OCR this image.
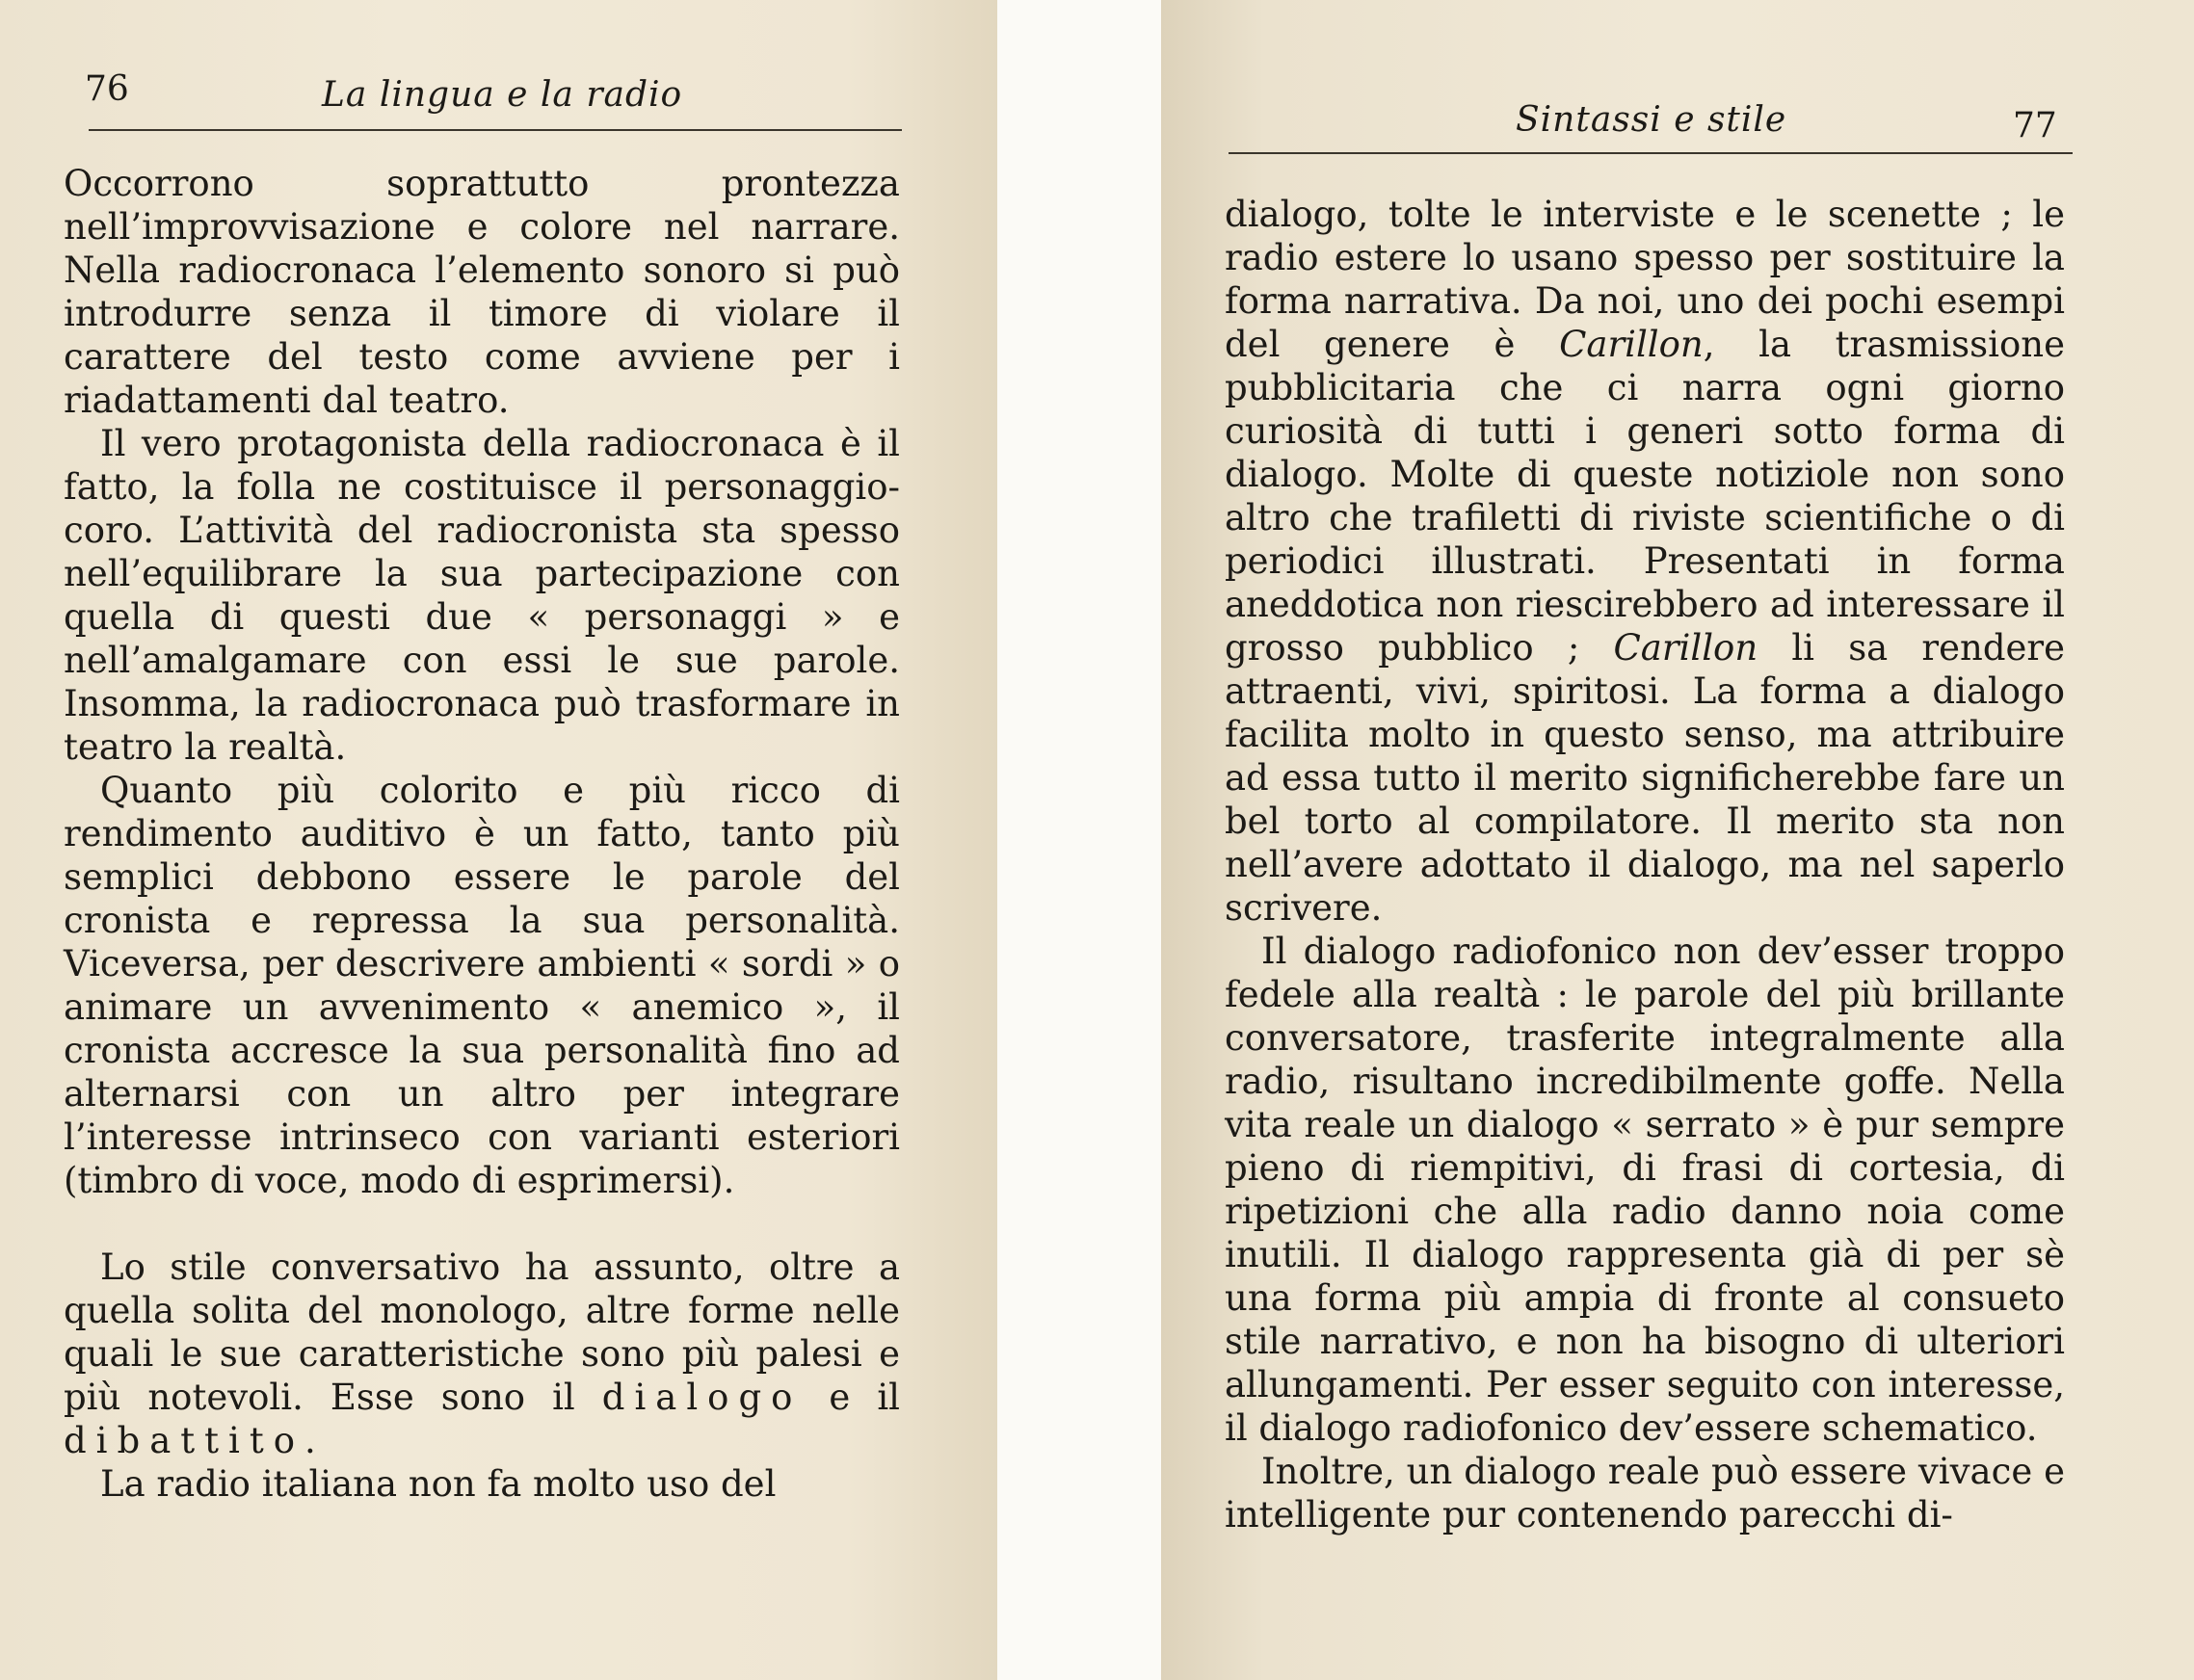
76	La lingua e la radio

Occorrono soprattutto prontezza nell’improvvisazione e colore nel narrare. Nella radiocronaca l’elemento sonoro si può introdurre senza il timore di violare il carattere del testo come avviene per i riadattamenti dal teatro.

Il vero protagonista della radiocronaca è il fatto, la folla ne costituisce il personaggio-coro. L’attività del radiocronista sta spesso nell’equilibrare la sua partecipazione con quella di questi due « personaggi » e nell’amalgamare con essi le sue parole. Insomma, la radiocronaca può trasformare in teatro la realtà.

Quanto più colorito e più ricco di rendimento auditivo è un fatto, tanto più semplici debbono essere le parole del cronista e repressa la sua personalità. Viceversa, per descrivere ambienti « sordi » o animare un avvenimento « anemico », il cronista accresce la sua personalità fino ad alternarsi con un altro per integrare l’interesse intrinseco con varianti esteriori (timbro di voce, modo di esprimersi).

Lo stile conversativo ha assunto, oltre a quella solita del monologo, altre forme nelle quali le sue caratteristiche sono più palesi e più notevoli. Esse sono il dialogo e il dibattito.

La radio italiana non fa molto uso del

Sintassi e stile	77

dialogo, tolte le interviste e le scenette ; le radio estere lo usano spesso per sostituire la forma narrativa. Da noi, uno dei pochi esempi del genere è Carillon, la trasmissione pubblicitaria che ci narra ogni giorno curiosità di tutti i generi sotto forma di dialogo. Molte di queste notiziole non sono altro che trafiletti di riviste scientifiche o di periodici illustrati. Presentati in forma aneddotica non riescirebbero ad interessare il grosso pubblico ; Carillon li sa rendere attraenti, vivi, spiritosi. La forma a dialogo facilita molto in questo senso, ma attribuire ad essa tutto il merito significherebbe fare un bel torto al compilatore. Il merito sta non nell’avere adottato il dialogo, ma nel saperlo scrivere.

Il dialogo radiofonico non dev’esser troppo fedele alla realtà : le parole del più brillante conversatore, trasferite integralmente alla radio, risultano incredibilmente goffe. Nella vita reale un dialogo « serrato » è pur sempre pieno di riempitivi, di frasi di cortesia, di ripetizioni che alla radio danno noia come inutili. Il dialogo rappresenta già di per sè una forma più ampia di fronte al consueto stile narrativo, e non ha bisogno di ulteriori allungamenti. Per esser seguito con interesse, il dialogo radiofonico dev’essere schematico.

Inoltre, un dialogo reale può essere vivace e intelligente pur contenendo parecchi di-
